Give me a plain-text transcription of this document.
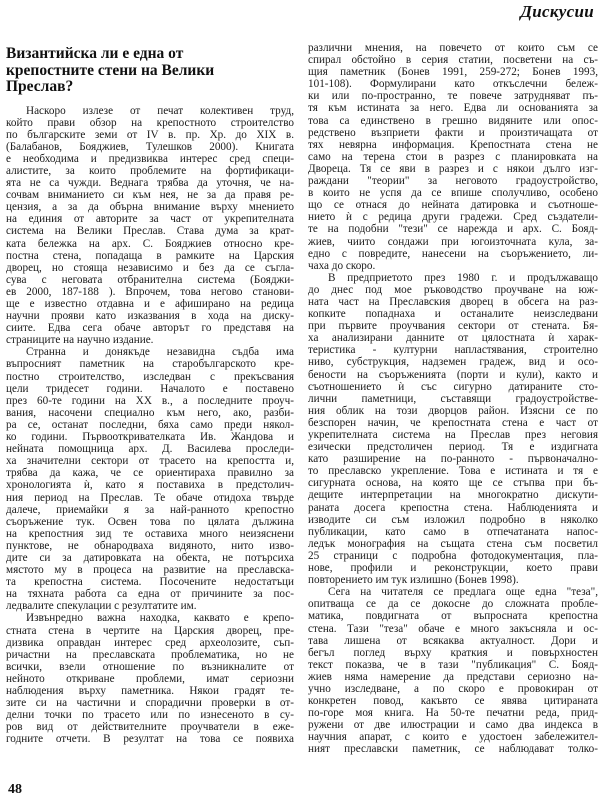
Дискусии
Византийска ли е една от
крепостните стени на Велики
Преслав?
Наскоро излезе от печат колективен труд,
който прави обзор на крепостното строителство
по българските земи от IV в. пр. Хр. до XIX в.
(Балабанов, Бояджиев, Тулешков 2000). Книгата
е необходима и предизвиква интерес сред специ-
алистите, за които проблемите на фортификаци-
ята не са чужди. Веднага трябва да уточня, че на-
сочвам вниманието си към нея, не за да правя ре-
цензия, а за да обърна внимание върху мнението
на единия от авторите за част от укрепителната
система на Велики Преслав. Става дума за крат-
ката бележка на арх. С. Бояджиев относно кре-
постна стена, попадаща в рамките на Царския
дворец, но стояща независимо и без да се съгла-
сува с неговата отбранителна система (Бояджи-
ев 2000, 187-188 ). Впрочем, това негово станови-
ще е известно отдавна и е афиширано на редица
научни прояви като изказвания в хода на диску-
сиите. Едва сега обаче авторът го представя на
страниците на научно издание.
Странна и донякъде незавидна съдба има
въпросният паметник на старобългарското кре-
постно строителство, изследван с прекъсвания
цели тридесет години. Началото е поставено
през 60-те години на XX в., а последните проуч-
вания, насочени специално към него, ако, разби-
ра се, останат последни, бяха само преди някол-
ко години. Първооткривателката Ив. Жандова и
нейната помощница арх. Д. Василева проследи-
ха значителни сектори от трасето на крепостта и,
трябва да кажа, че се ориентираха правилно за
хронологията ѝ, като я поставиха в предстолич-
ния период на Преслав. Те обаче отидоха твърде
далече, приемайки я за най-ранното крепостно
съоръжение тук. Освен това по цялата дължина
на крепостния зид те оставиха много неизяснени
пунктове, не обнародваха видяното, нито изво-
дите си за датировката на обекта, не потърсиха
мястото му в процеса на развитие на преславска-
та крепостна система. Посочените недостатъци
на тяхната работа са една от причините за пос-
ледвалите спекулации с резултатите им.
Извънредно важна находка, каквато е крепо-
стната стена в чертите на Царския дворец, пре-
дизвика оправдан интерес сред археолозите, съп-
ричастни на преславската проблематика, но не
всички, взели отношение по възникналите от
нейното откриване проблеми, имат сериозни
наблюдения върху паметника. Някои градят те-
зите си на частични и спорадични проверки в от-
делни точки по трасето или по изнесеното в су-
ров вид от действителните проучватели в еже-
годните отчети. В резултат на това се появиха
различни мнения, на повечето от които съм се
спирал обстойно в серия статии, посветени на съ-
щия паметник (Бонев 1991, 259-272; Бонев 1993,
101-108). Формулирани като откъслечни бележ-
ки или по-пространно, те повече затрудняват пъ-
тя към истината за него. Едва ли основанията за
това са единствено в грешно видяните или опос-
редствено възприети факти и произтичащата от
тях невярна информация. Крепостната стена не
само на терена стои в разрез с планировката на
Двореца. Тя се яви в разрез и с някои дълго изг-
раждани "теории" за неговото градоустройство,
в които не успя да се впише сполучливо, особено
що се отнася до нейната датировка и съотноше-
нието ѝ с редица други градежи. Сред създатели-
те на подобни "тези" се нарежда и арх. С. Бояд-
жиев, чиито сондажи при югоизточната кула, за-
едно с повредите, нанесени на съоръжението, ли-
чаха до скоро.
В предприетото през 1980 г. и продължаващо
до днес под мое ръководство проучване на юж-
ната част на Преславския дворец в обсега на раз-
копките попаднаха и останалите неизследвани
при първите проучвания сектори от стената. Бя-
ха анализирани данните от цялостната ѝ харак-
теристика - културни напластявания, строително
ниво, субструкция, надземен градеж, вид и осо-
бености на съоръженията (порти и кули), както и
съотношението ѝ със сигурно датираните сто-
лични паметници, съставящи градоустройстве-
ния облик на този дворцов район. Изясни се по
безспорен начин, че крепостната стена е част от
укрепителната система на Преслав през неговия
езически предстоличен период. Тя е издигната
като разширение на по-ранното - първоначално-
то преславско укрепление. Това е истината и тя е
сигурната основа, на която ще се стъпва при бъ-
дещите интерпретации на многократно дискути-
раната досега крепостна стена. Наблюденията и
изводите си съм изложил подробно в няколко
публикации, като само в отпечатаната напос-
ледък монография на същата стена съм посветил
25 страници с подробна фотодокументация, пла-
нове, профили и реконструкции, което прави
повторението им тук излишно (Бонев 1998).
Сега на читателя се предлага още една "теза",
опитваща се да се докосне до сложната пробле-
матика, повдигната от въпросната крепостна
стена. Тази "теза" обаче е много закъсняла и ос-
тава лишена от всякаква актуалност. Дори и
бегъл поглед върху краткия и повърхностен
текст показва, че в тази "публикация" С. Бояд-
жиев няма намерение да представи сериозно на-
учно изследване, а по скоро е провокиран от
конкретен повод, какъвто се явява цитираната
по-горе моя книга. На 50-те печатни реда, прид-
ружени от две илюстрации и само два индекса в
научния апарат, с които е удостоен забележител-
ният преславски паметник, се наблюдават толко-
48
